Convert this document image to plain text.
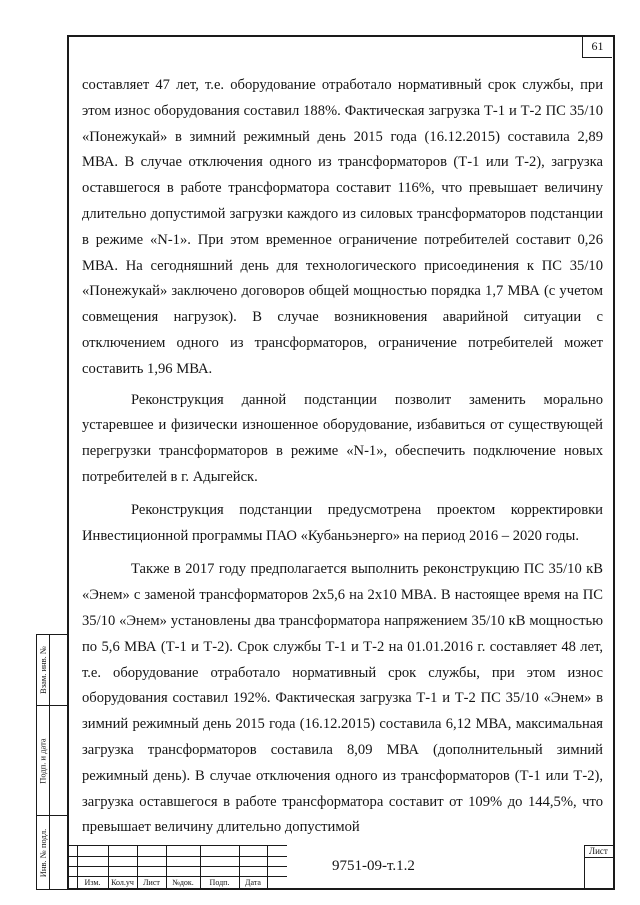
61

составляет 47 лет, т.е. оборудование отработало нормативный срок службы, при этом износ оборудования составил 188%. Фактическая загрузка Т-1 и Т-2 ПС 35/10 «Понежукай» в зимний режимный день 2015 года (16.12.2015) составила 2,89 МВА. В случае отключения одного из трансформаторов (Т-1 или Т-2), загрузка оставшегося в работе трансформатора составит 116%, что превышает величину длительно допустимой загрузки каждого из силовых трансформаторов подстанции в режиме «N-1». При этом временное ограничение потребителей составит 0,26 МВА. На сегодняшний день для технологического присоединения к ПС 35/10 «Понежукай» заключено договоров общей мощностью порядка 1,7 МВА (с учетом совмещения нагрузок). В случае возникновения аварийной ситуации с отключением одного из трансформаторов, ограничение потребителей может составить 1,96 МВА.

Реконструкция данной подстанции позволит заменить морально устаревшее и физически изношенное оборудование, избавиться от существующей перегрузки трансформаторов в режиме «N-1», обеспечить подключение новых потребителей в г. Адыгейск.

Реконструкция подстанции предусмотрена проектом корректировки Инвестиционной программы ПАО «Кубаньэнерго» на период 2016 – 2020 годы.

Также в 2017 году предполагается выполнить реконструкцию ПС 35/10 кВ «Энем» с заменой трансформаторов 2х5,6 на 2х10 МВА. В настоящее время на ПС 35/10 «Энем» установлены два трансформатора напряжением 35/10 кВ мощностью по 5,6 МВА (Т-1 и Т-2). Срок службы Т-1 и Т-2 на 01.01.2016 г. составляет 48 лет, т.е. оборудование отработало нормативный срок службы, при этом износ оборудования составил 192%. Фактическая загрузка Т-1 и Т-2 ПС 35/10 «Энем» в зимний режимный день 2015 года (16.12.2015) составила 6,12 МВА, максимальная загрузка трансформаторов составила 8,09 МВА (дополнительный зимний режимный день). В случае отключения одного из трансформаторов (Т-1 или Т-2), загрузка оставшегося в работе трансформатора составит от 109% до 144,5%, что превышает величину длительно допустимой

Изм.	Кол.уч	Лист	№док.	Подп.	Дата
9751-09-т.1.2
Лист
Взам. инв. №
Подп. и дата
Инв. № подл.
